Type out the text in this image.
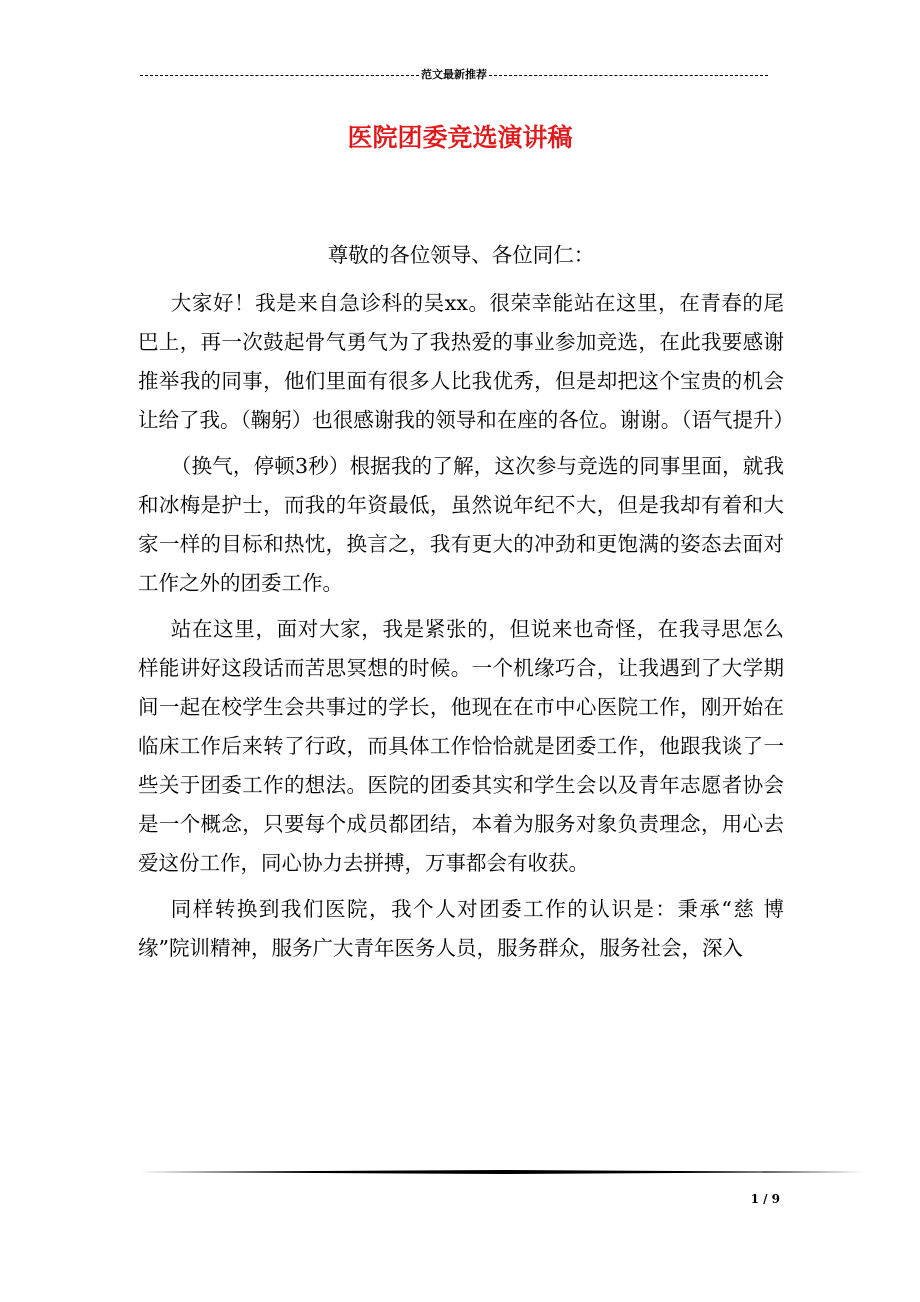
范文最新推荐
医院团委竞选演讲稿

尊敬的各位领导、各位同仁：

大家好！我是来自急诊科的吴xx。很荣幸能站在这里，在青春的尾巴上，再一次鼓起骨气勇气为了我热爱的事业参加竞选，在此我要感谢推举我的同事，他们里面有很多人比我优秀，但是却把这个宝贵的机会让给了我。（鞠躬）也很感谢我的领导和在座的各位。谢谢。（语气提升）

（换气，停顿3秒）根据我的了解，这次参与竞选的同事里面，就我和冰梅是护士，而我的年资最低，虽然说年纪不大，但是我却有着和大家一样的目标和热忱，换言之，我有更大的冲劲和更饱满的姿态去面对工作之外的团委工作。

站在这里，面对大家，我是紧张的，但说来也奇怪，在我寻思怎么样能讲好这段话而苦思冥想的时候。一个机缘巧合，让我遇到了大学期间一起在校学生会共事过的学长，他现在在市中心医院工作，刚开始在临床工作后来转了行政，而具体工作恰恰就是团委工作，他跟我谈了一些关于团委工作的想法。医院的团委其实和学生会以及青年志愿者协会是一个概念，只要每个成员都团结，本着为服务对象负责理念，用心去爱这份工作，同心协力去拼搏，万事都会有收获。

同样转换到我们医院，我个人对团委工作的认识是：秉承“慈 博缘”院训精神，服务广大青年医务人员，服务群众，服务社会，深入

1 / 9
